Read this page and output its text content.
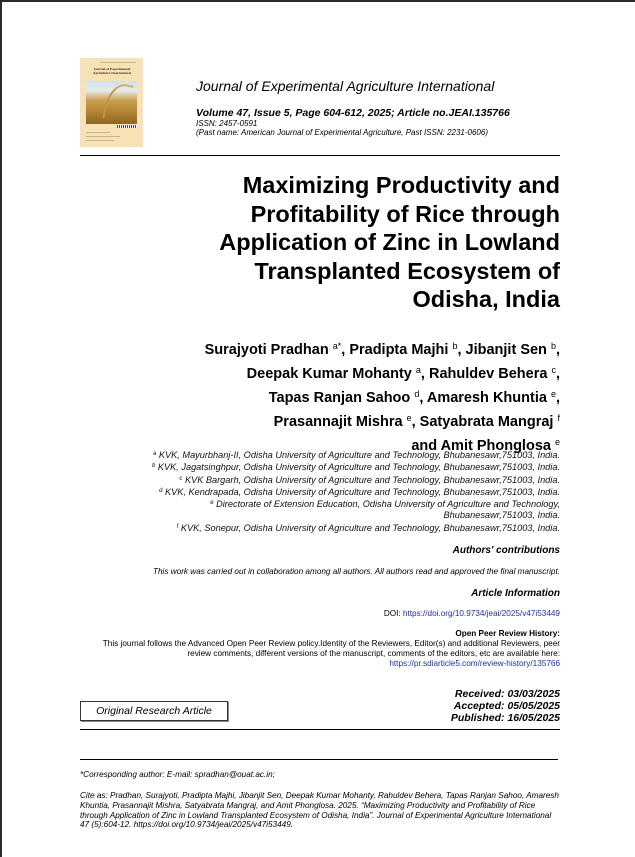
Journal of Experimental Agriculture International
Journal of Experimental Agriculture International
Volume 47, Issue 5, Page 604-612, 2025; Article no.JEAI.135766
ISSN: 2457-0591
(Past name: American Journal of Experimental Agriculture, Past ISSN: 2231-0606)
Maximizing Productivity and
Profitability of Rice through
Application of Zinc in Lowland
Transplanted Ecosystem of
Odisha, India
Surajyoti Pradhan $^{a*}$, Pradipta Majhi $^b$, Jibanjit Sen $^b$,
Deepak Kumar Mohanty $^a$, Rahuldev Behera $^c$,
Tapas Ranjan Sahoo $^d$, Amaresh Khuntia $^e$,
Prasannajit Mishra $^e$, Satyabrata Mangraj $^f$
and Amit Phonglosa $^e$
$^a$ KVK, Mayurbhanj-II, Odisha University of Agriculture and Technology, Bhubanesawr,751003, India.
$^b$ KVK, Jagatsinghpur, Odisha University of Agriculture and Technology, Bhubanesawr,751003, India.
$^c$ KVK Bargarh, Odisha University of Agriculture and Technology, Bhubanesawr,751003, India.
$^d$ KVK, Kendrapada, Odisha University of Agriculture and Technology, Bhubanesawr,751003, India.
$^e$ Directorate of Extension Education, Odisha University of Agriculture and Technology,
Bhubanesawr,751003, India.
$^f$ KVK, Sonepur, Odisha University of Agriculture and Technology, Bhubanesawr,751003, India.
Authors' contributions
This work was carried out in collaboration among all authors. All authors read and approved the final manuscript.
Article Information
DOI: https://doi.org/10.9734/jeai/2025/v47i53449
Open Peer Review History:
This journal follows the Advanced Open Peer Review policy.Identity of the Reviewers, Editor(s) and additional Reviewers, peer
review comments, different versions of the manuscript, comments of the editors, etc are available here:
https://pr.sdiarticle5.com/review-history/135766
Original Research Article
Received: 03/03/2025
Accepted: 05/05/2025
Published: 16/05/2025
*Corresponding author: E-mail: spradhan@ouat.ac.in;
Cite as: Pradhan, Surajyoti, Pradipta Majhi, Jibanjit Sen, Deepak Kumar Mohanty, Rahuldev Behera, Tapas Ranjan Sahoo, Amaresh Khuntia, Prasannajit Mishra, Satyabrata Mangraj, and Amit Phonglosa. 2025. “Maximizing Productivity and Profitability of Rice through Application of Zinc in Lowland Transplanted Ecosystem of Odisha, India”. Journal of Experimental Agriculture International 47 (5):604-12. https://doi.org/10.9734/jeai/2025/v47i53449.
